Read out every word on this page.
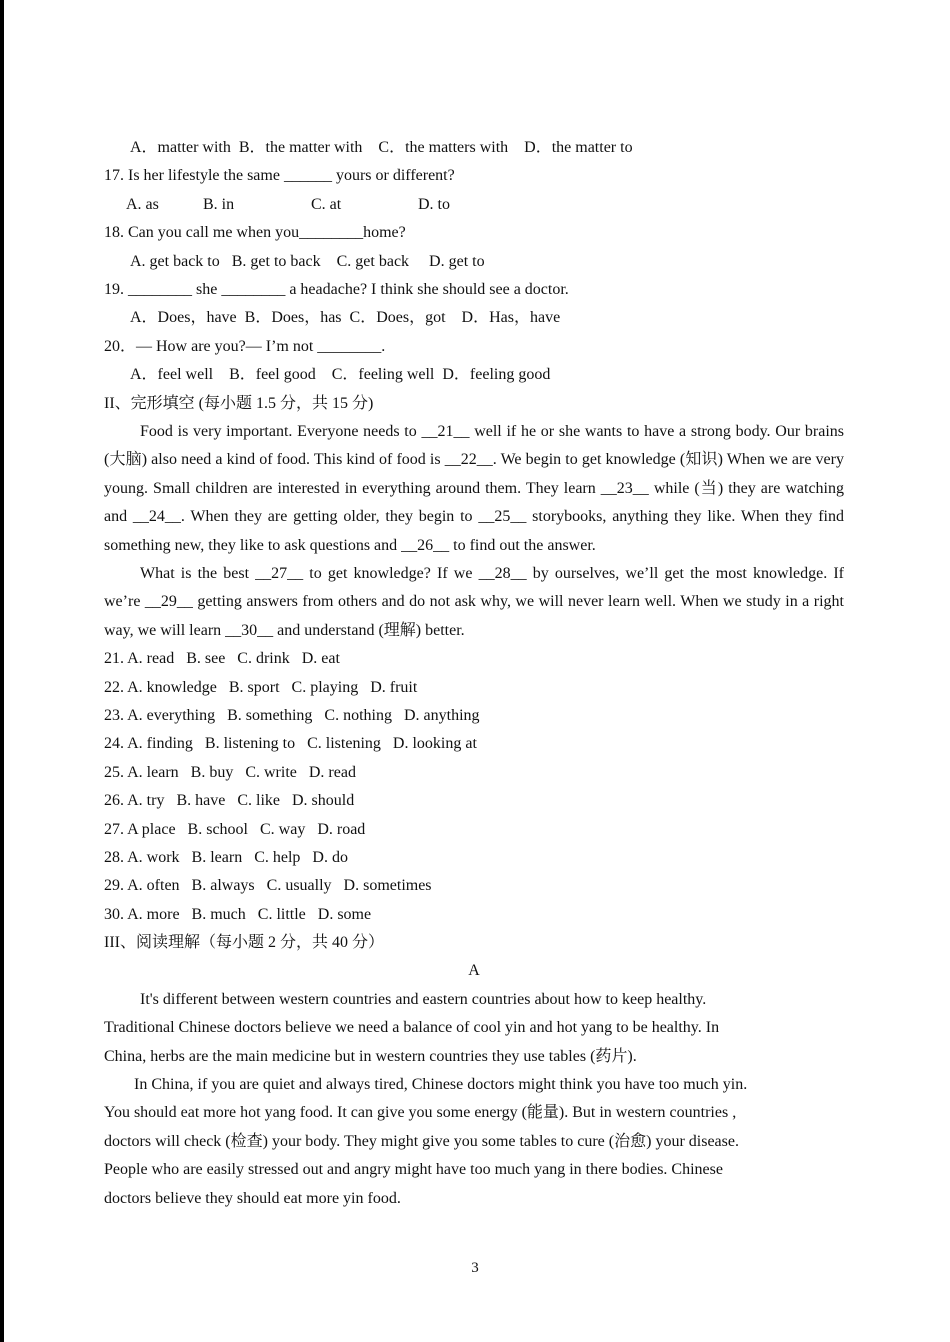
A．matter with  B．the matter with    C．the matters with    D．the matter to
17. Is her lifestyle the same ______ yours or different?
A. as	B. in	C. at	D. to
18. Can you call me when you________home?
A. get back to   B. get to back    C. get back     D. get to
19. ________ she ________ a headache? I think she should see a doctor.
A．Does，have  B．Does，has  C．Does，got    D．Has，have
20．— How are you?— I’m not ________.
A．feel well    B．feel good    C．feeling well  D．feeling good
II、完形填空 (每小题 1.5 分，共 15 分)

Food is very important. Everyone needs to __21__ well if he or she wants to have a strong body. Our brains (大脑) also need a kind of food. This kind of food is __22__. We begin to get knowledge (知识) When we are very young. Small children are interested in everything around them. They learn __23__ while (当) they are watching and __24__. When they are getting older, they begin to __25__ storybooks, anything they like. When they find something new, they like to ask questions and __26__ to find out the answer.

What is the best __27__ to get knowledge? If we __28__ by ourselves, we’ll get the most knowledge. If we’re __29__ getting answers from others and do not ask why, we will never learn well. When we study in a right way, we will learn __30__ and understand (理解) better.

21. A. read   B. see   C. drink   D. eat
22. A. knowledge   B. sport   C. playing   D. fruit
23. A. everything   B. something   C. nothing   D. anything
24. A. finding   B. listening to   C. listening   D. looking at
25. A. learn   B. buy   C. write   D. read
26. A. try   B. have   C. like   D. should
27. A place   B. school   C. way   D. road
28. A. work   B. learn   C. help   D. do
29. A. often   B. always   C. usually   D. sometimes
30. A. more   B. much   C. little   D. some
III、阅读理解（每小题 2 分，共 40 分）
A
It's different between western countries and eastern countries about how to keep healthy.
Traditional Chinese doctors believe we need a balance of cool yin and hot yang to be healthy. In
China, herbs are the main medicine but in western countries they use tables (药片).
In China, if you are quiet and always tired, Chinese doctors might think you have too much yin.
You should eat more hot yang food. It can give you some energy (能量). But in western countries ,
doctors will check (检查) your body. They might give you some tables to cure (治愈) your disease.
People who are easily stressed out and angry might have too much yang in there bodies. Chinese
doctors believe they should eat more yin food.
3
